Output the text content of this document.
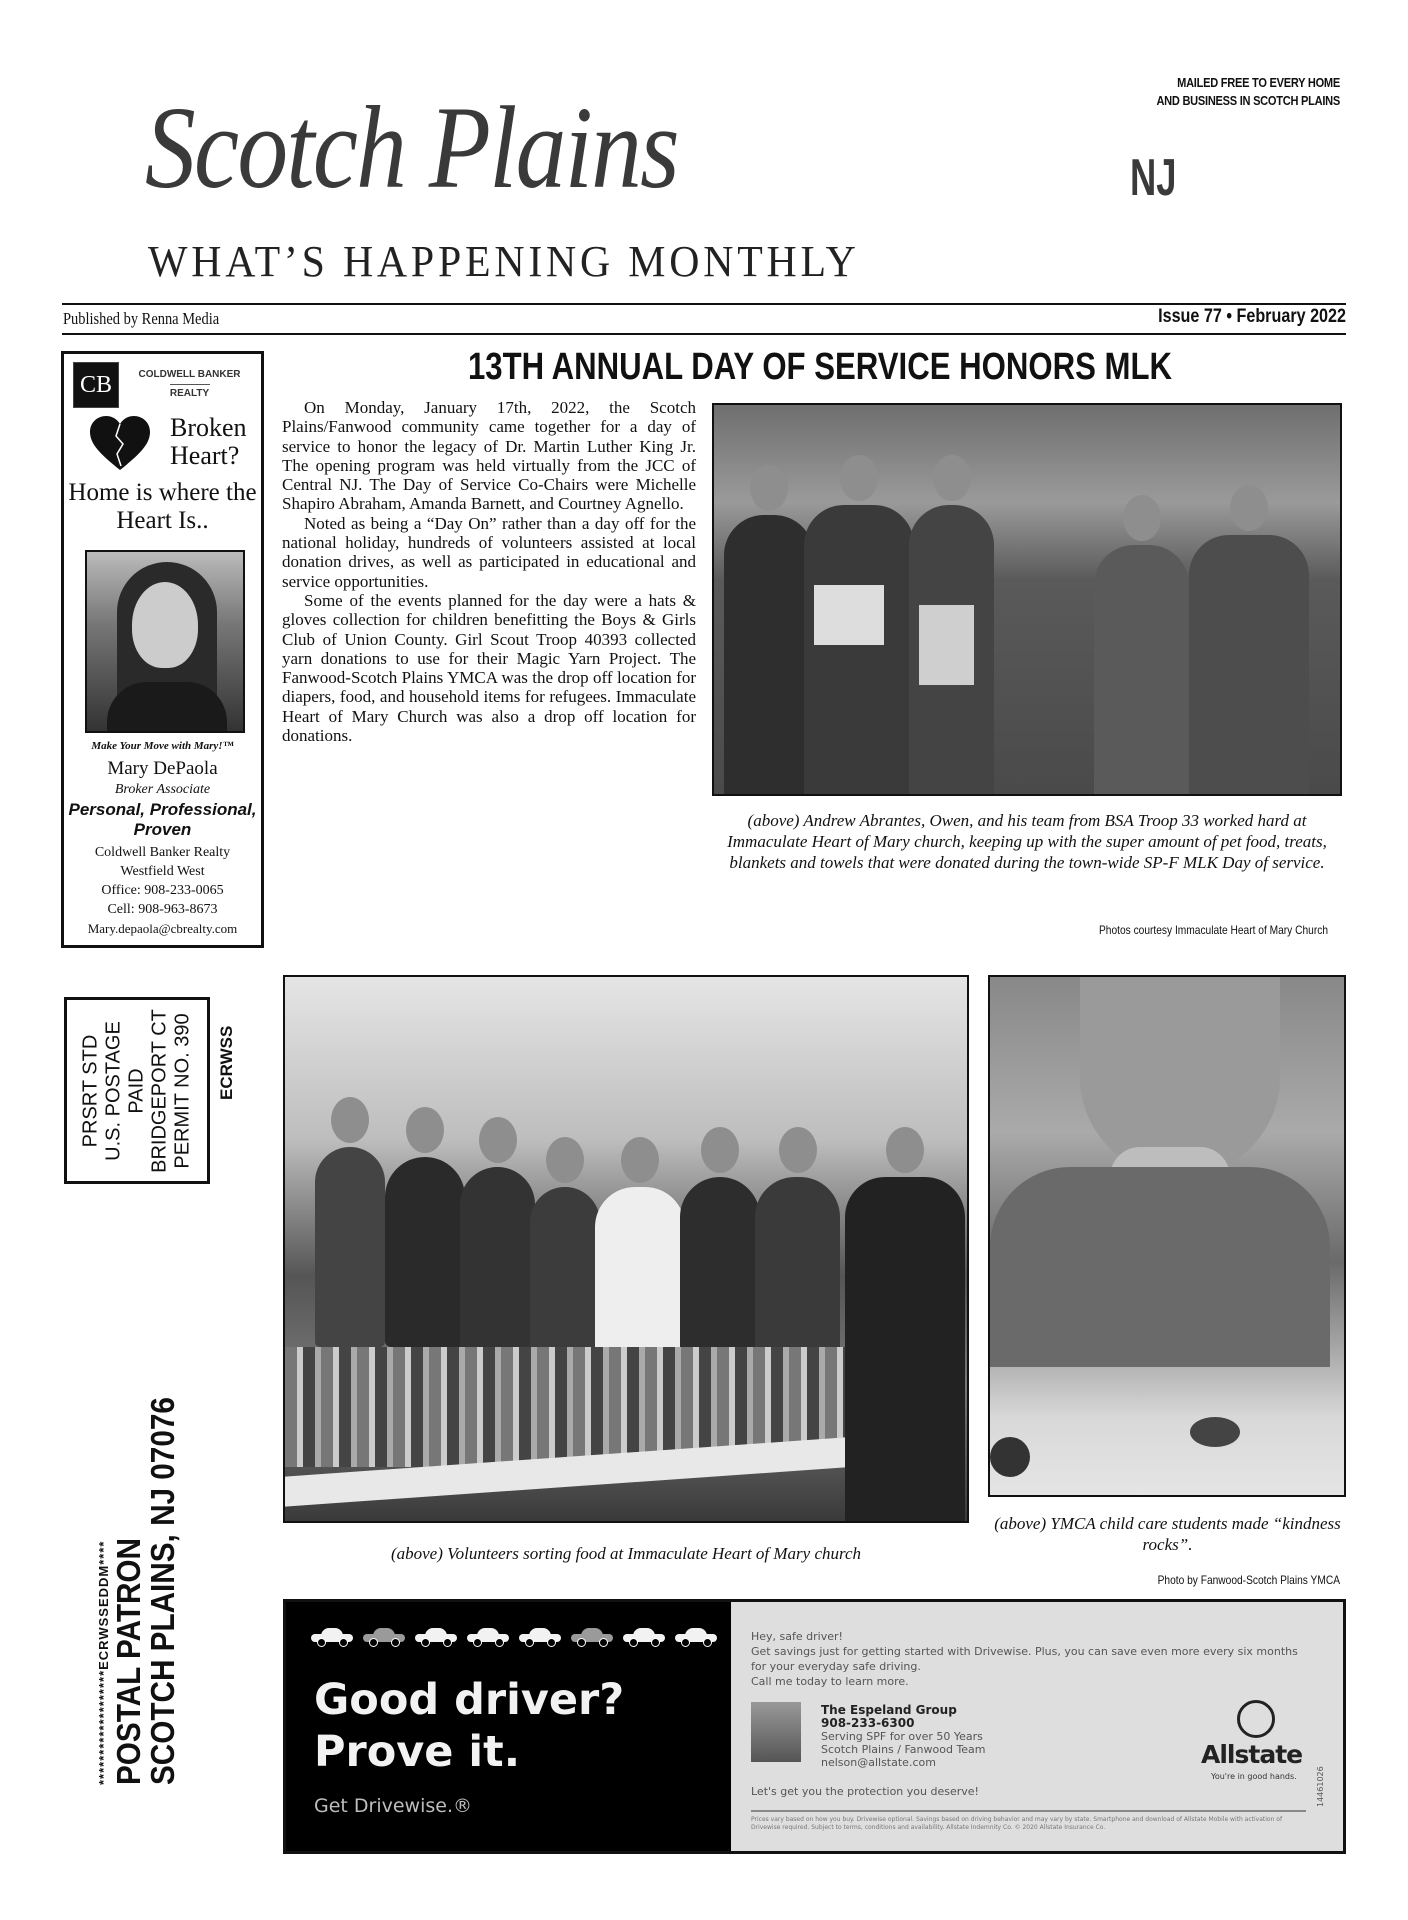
MAILED FREE TO EVERY HOME
AND BUSINESS IN SCOTCH PLAINS
Scotch Plains	NJ
WHAT’S HAPPENING MONTHLY
Published by Renna Media	Issue 77 • February 2022
13TH ANNUAL DAY OF SERVICE HONORS MLK
CB	COLDWELL BANKER
REALTY
Broken Heart?
Home is where the Heart Is..
Make Your Move with Mary!™
Mary DePaola
Broker Associate
Personal, Professional, Proven
Coldwell Banker Realty
Westfield West
Office: 908-233-0065
Cell: 908-963-8673
Mary.depaola@cbrealty.com

On Monday, January 17th, 2022, the Scotch Plains/Fanwood community came together for a day of service to honor the legacy of Dr. Martin Luther King Jr. The opening program was held virtually from the JCC of Central NJ. The Day of Service Co-Chairs were Michelle Shapiro Abraham, Amanda Barnett, and Courtney Agnello.

Noted as being a “Day On” rather than a day off for the national holiday, hundreds of volunteers assisted at local donation drives, as well as participated in educational and service opportunities.

Some of the events planned for the day were a hats & gloves collection for children benefitting the Boys & Girls Club of Union County. Girl Scout Troop 40393 collected yarn donations to use for their Magic Yarn Project. The Fanwood-Scotch Plains YMCA was the drop off location for diapers, food, and household items for refugees. Immaculate Heart of Mary Church was also a drop off location for donations.

(above) Andrew Abrantes, Owen, and his team from BSA Troop 33 worked hard at Immaculate Heart of Mary church, keeping up with the super amount of pet food, treats, blankets and towels that were donated during the town-wide SP-F MLK Day of service.
Photos courtesy Immaculate Heart of Mary Church
PRSRT STD U.S. POSTAGE PAID BRIDGEPORT CT PERMIT NO. 390 ECRWSS
*******************ECRWSSEDDM**** POSTAL PATRON
SCOTCH PLAINS, NJ 07076	(above) Volunteers sorting food at Immaculate Heart of Mary church
(above) YMCA child care students made “kindness rocks”.
Photo by Fanwood-Scotch Plains YMCA
Good driver?
Prove it.
Get Drivewise.®
Hey, safe driver!
Get savings just for getting started with Drivewise. Plus, you can save even more every six months for your everyday safe driving.
Call me today to learn more.
The Espeland Group
908-233-6300
Serving SPF for over 50 Years
Scotch Plains / Fanwood Team
nelson@allstate.com
Let's get you the protection you deserve!
Allstate
You're in good hands.
Prices vary based on how you buy. Drivewise optional. Savings based on driving behavior and may vary by state. Smartphone and download of Allstate Mobile with activation of Drivewise required. Subject to terms, conditions and availability. Allstate Indemnity Co. © 2020 Allstate Insurance Co.
14461026
